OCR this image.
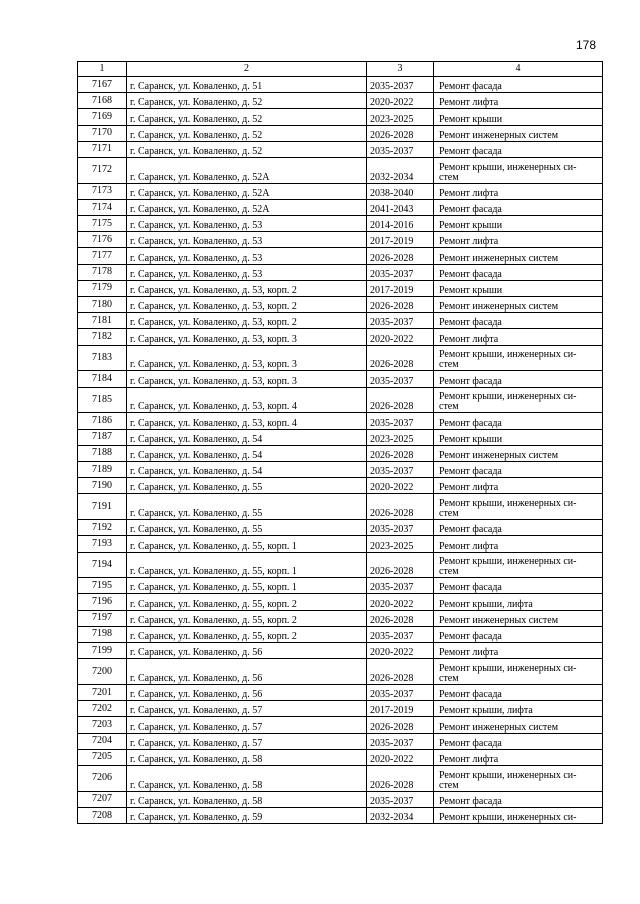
178
1	2	3	4
7167	г. Саранск, ул. Коваленко, д. 51	2035-2037	Ремонт фасада
7168	г. Саранск, ул. Коваленко, д. 52	2020-2022	Ремонт лифта
7169	г. Саранск, ул. Коваленко, д. 52	2023-2025	Ремонт крыши
7170	г. Саранск, ул. Коваленко, д. 52	2026-2028	Ремонт инженерных систем
7171	г. Саранск, ул. Коваленко, д. 52	2035-2037	Ремонт фасада
7172	г. Саранск, ул. Коваленко, д. 52А	2032-2034	Ремонт крыши, инженерных си-
стем
7173	г. Саранск, ул. Коваленко, д. 52А	2038-2040	Ремонт лифта
7174	г. Саранск, ул. Коваленко, д. 52А	2041-2043	Ремонт фасада
7175	г. Саранск, ул. Коваленко, д. 53	2014-2016	Ремонт крыши
7176	г. Саранск, ул. Коваленко, д. 53	2017-2019	Ремонт лифта
7177	г. Саранск, ул. Коваленко, д. 53	2026-2028	Ремонт инженерных систем
7178	г. Саранск, ул. Коваленко, д. 53	2035-2037	Ремонт фасада
7179	г. Саранск, ул. Коваленко, д. 53, корп. 2	2017-2019	Ремонт крыши
7180	г. Саранск, ул. Коваленко, д. 53, корп. 2	2026-2028	Ремонт инженерных систем
7181	г. Саранск, ул. Коваленко, д. 53, корп. 2	2035-2037	Ремонт фасада
7182	г. Саранск, ул. Коваленко, д. 53, корп. 3	2020-2022	Ремонт лифта
7183	г. Саранск, ул. Коваленко, д. 53, корп. 3	2026-2028	Ремонт крыши, инженерных си-
стем
7184	г. Саранск, ул. Коваленко, д. 53, корп. 3	2035-2037	Ремонт фасада
7185	г. Саранск, ул. Коваленко, д. 53, корп. 4	2026-2028	Ремонт крыши, инженерных си-
стем
7186	г. Саранск, ул. Коваленко, д. 53, корп. 4	2035-2037	Ремонт фасада
7187	г. Саранск, ул. Коваленко, д. 54	2023-2025	Ремонт крыши
7188	г. Саранск, ул. Коваленко, д. 54	2026-2028	Ремонт инженерных систем
7189	г. Саранск, ул. Коваленко, д. 54	2035-2037	Ремонт фасада
7190	г. Саранск, ул. Коваленко, д. 55	2020-2022	Ремонт лифта
7191	г. Саранск, ул. Коваленко, д. 55	2026-2028	Ремонт крыши, инженерных си-
стем
7192	г. Саранск, ул. Коваленко, д. 55	2035-2037	Ремонт фасада
7193	г. Саранск, ул. Коваленко, д. 55, корп. 1	2023-2025	Ремонт лифта
7194	г. Саранск, ул. Коваленко, д. 55, корп. 1	2026-2028	Ремонт крыши, инженерных си-
стем
7195	г. Саранск, ул. Коваленко, д. 55, корп. 1	2035-2037	Ремонт фасада
7196	г. Саранск, ул. Коваленко, д. 55, корп. 2	2020-2022	Ремонт крыши, лифта
7197	г. Саранск, ул. Коваленко, д. 55, корп. 2	2026-2028	Ремонт инженерных систем
7198	г. Саранск, ул. Коваленко, д. 55, корп. 2	2035-2037	Ремонт фасада
7199	г. Саранск, ул. Коваленко, д. 56	2020-2022	Ремонт лифта
7200	г. Саранск, ул. Коваленко, д. 56	2026-2028	Ремонт крыши, инженерных си-
стем
7201	г. Саранск, ул. Коваленко, д. 56	2035-2037	Ремонт фасада
7202	г. Саранск, ул. Коваленко, д. 57	2017-2019	Ремонт крыши, лифта
7203	г. Саранск, ул. Коваленко, д. 57	2026-2028	Ремонт инженерных систем
7204	г. Саранск, ул. Коваленко, д. 57	2035-2037	Ремонт фасада
7205	г. Саранск, ул. Коваленко, д. 58	2020-2022	Ремонт лифта
7206	г. Саранск, ул. Коваленко, д. 58	2026-2028	Ремонт крыши, инженерных си-
стем
7207	г. Саранск, ул. Коваленко, д. 58	2035-2037	Ремонт фасада
7208	г. Саранск, ул. Коваленко, д. 59	2032-2034	Ремонт крыши, инженерных си-
